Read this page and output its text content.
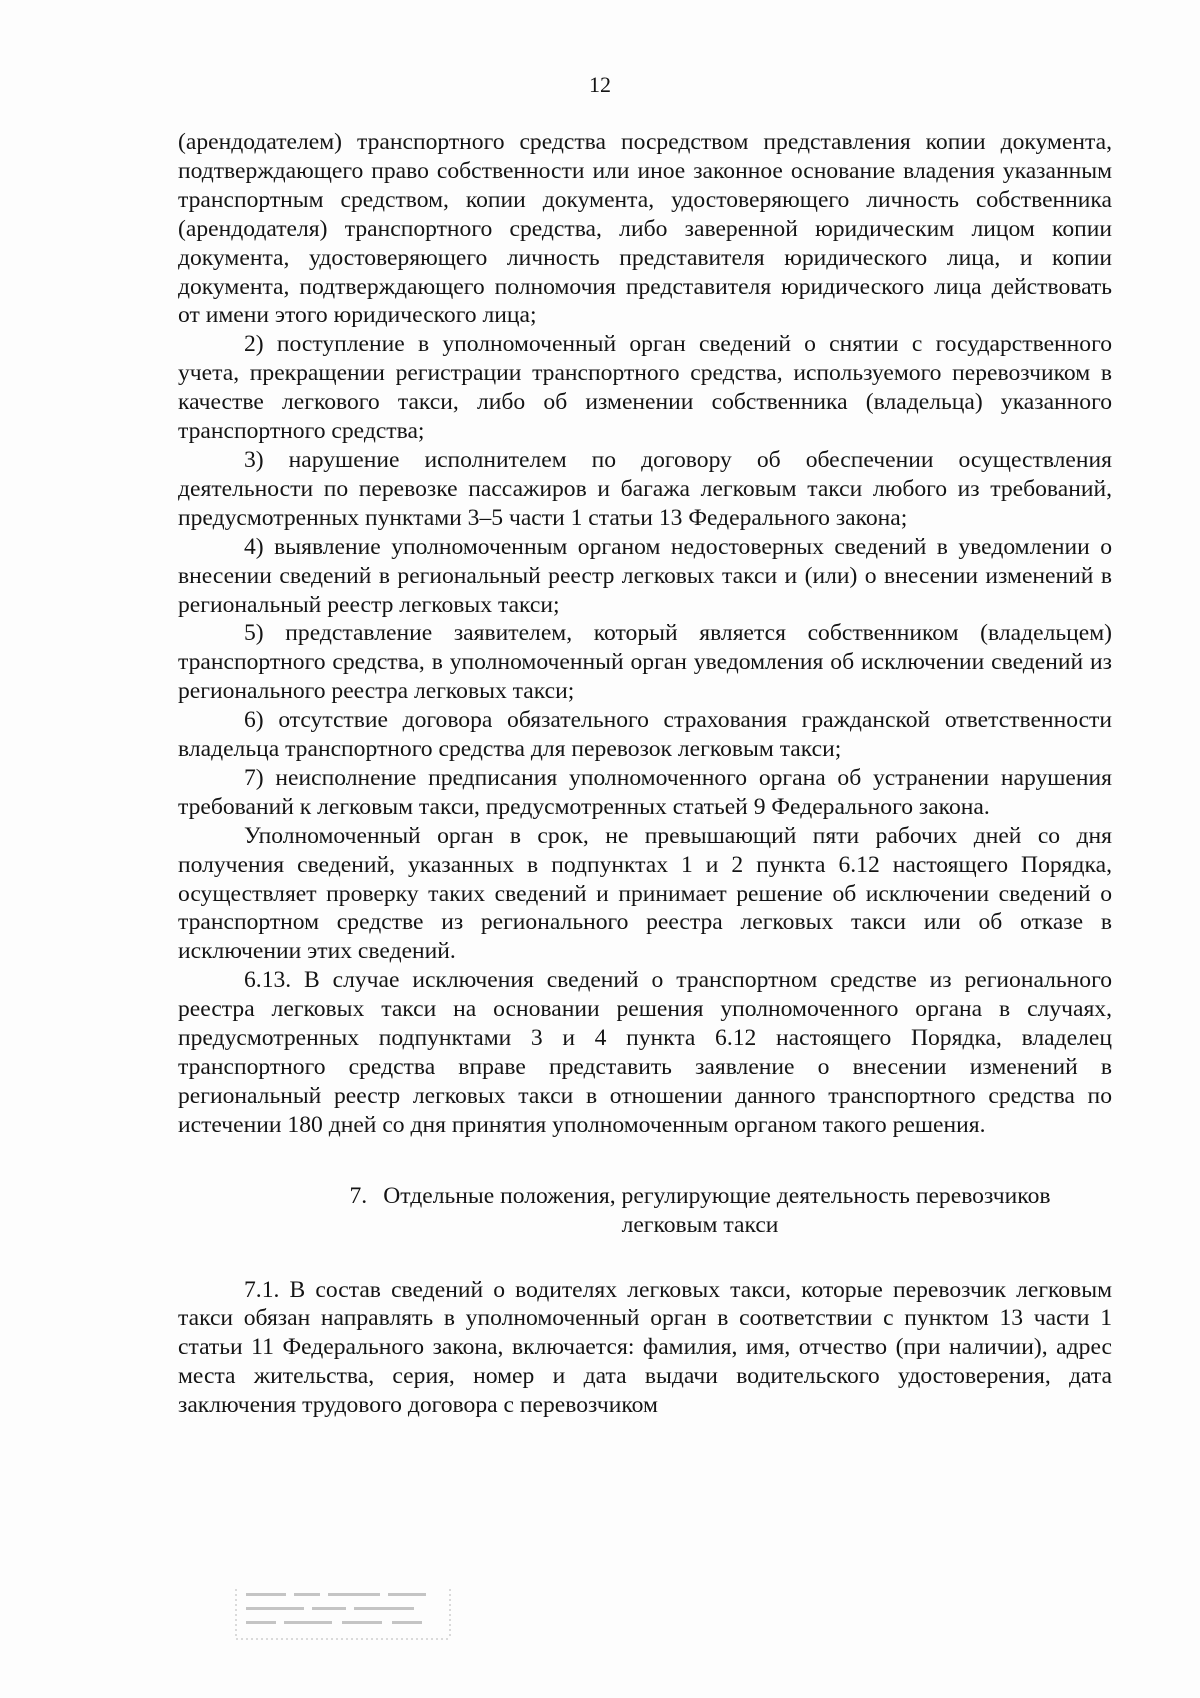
12

(арендодателем) транспортного средства посредством представления копии документа, подтверждающего право собственности или иное законное основание владения указанным транспортным средством, копии документа, удостоверяющего личность собственника (арендодателя) транспортного средства, либо заверенной юридическим лицом копии документа, удостоверяющего личность представителя юридического лица, и копии документа, подтверждающего полномочия представителя юридического лица действовать от имени этого юридического лица;

2) поступление в уполномоченный орган сведений о снятии с государственного учета, прекращении регистрации транспортного средства, используемого перевозчиком в качестве легкового такси, либо об изменении собственника (владельца) указанного транспортного средства;

3) нарушение исполнителем по договору об обеспечении осуществления деятельности по перевозке пассажиров и багажа легковым такси любого из требований, предусмотренных пунктами 3–5 части 1 статьи 13 Федерального закона;

4) выявление уполномоченным органом недостоверных сведений в уведомлении о внесении сведений в региональный реестр легковых такси и (или) о внесении изменений в региональный реестр легковых такси;

5) представление заявителем, который является собственником (владельцем) транспортного средства, в уполномоченный орган уведомления об исключении сведений из регионального реестра легковых такси;

6) отсутствие договора обязательного страхования гражданской ответственности владельца транспортного средства для перевозок легковым такси;

7) неисполнение предписания уполномоченного органа об устранении нарушения требований к легковым такси, предусмотренных статьей 9 Федерального закона.

Уполномоченный орган в срок, не превышающий пяти рабочих дней со дня получения сведений, указанных в подпунктах 1 и 2 пункта 6.12 настоящего Порядка, осуществляет проверку таких сведений и принимает решение об исключении сведений о транспортном средстве из регионального реестра легковых такси или об отказе в исключении этих сведений.

6.13. В случае исключения сведений о транспортном средстве из регионального реестра легковых такси на основании решения уполномоченного органа в случаях, предусмотренных подпунктами 3 и 4 пункта 6.12 настоящего Порядка, владелец транспортного средства вправе представить заявление о внесении изменений в региональный реестр легковых такси в отношении данного транспортного средства по истечении 180 дней со дня принятия уполномоченным органом такого решения.

7. Отдельные положения, регулирующие деятельность перевозчиков
легковым такси

7.1. В состав сведений о водителях легковых такси, которые перевозчик легковым такси обязан направлять в уполномоченный орган в соответствии с пунктом 13 части 1 статьи 11 Федерального закона, включается: фамилия, имя, отчество (при наличии), адрес места жительства, серия, номер и дата выдачи водительского удостоверения, дата заключения трудового договора с перевозчиком
